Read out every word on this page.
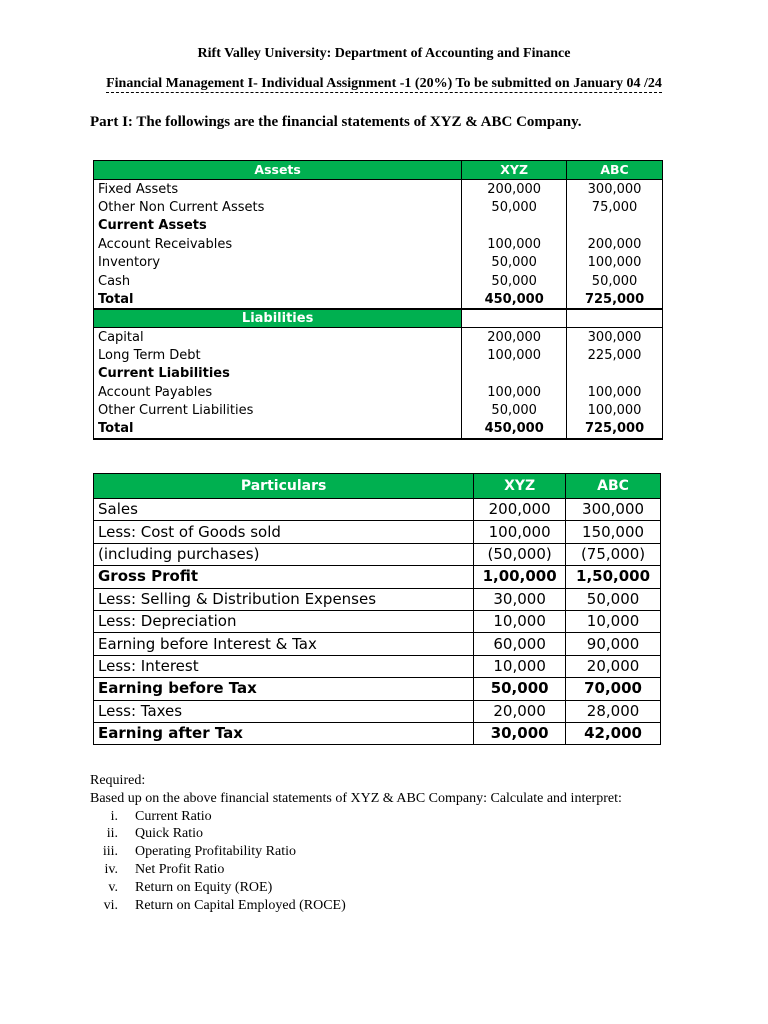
Rift Valley University: Department of Accounting and Finance
Financial Management I- Individual Assignment -1 (20%) To be submitted on January 04 /24
Part I: The followings are the financial statements of XYZ & ABC Company.
Assets	XYZ	ABC
Fixed Assets	200,000	300,000
Other Non Current Assets	50,000	75,000
Current Assets		
Account Receivables	100,000	200,000
Inventory	50,000	100,000
Cash	50,000	50,000
Total	450,000	725,000
Liabilities		
Capital	200,000	300,000
Long Term Debt	100,000	225,000
Current Liabilities		
Account Payables	100,000	100,000
Other Current Liabilities	50,000	100,000
Total	450,000	725,000
Particulars	XYZ	ABC
Sales	200,000	300,000
Less: Cost of Goods sold	100,000	150,000
(including purchases)	(50,000)	(75,000)
Gross Profit	1,00,000	1,50,000
Less: Selling & Distribution Expenses	30,000	50,000
Less: Depreciation	10,000	10,000
Earning before Interest & Tax	60,000	90,000
Less: Interest	10,000	20,000
Earning before Tax	50,000	70,000
Less: Taxes	20,000	28,000
Earning after Tax	30,000	42,000
Required:
Based up on the above financial statements of XYZ & ABC Company: Calculate and interpret:
i. Current Ratio
ii. Quick Ratio
iii. Operating Profitability Ratio
iv. Net Profit Ratio
v. Return on Equity (ROE)
vi. Return on Capital Employed (ROCE)
